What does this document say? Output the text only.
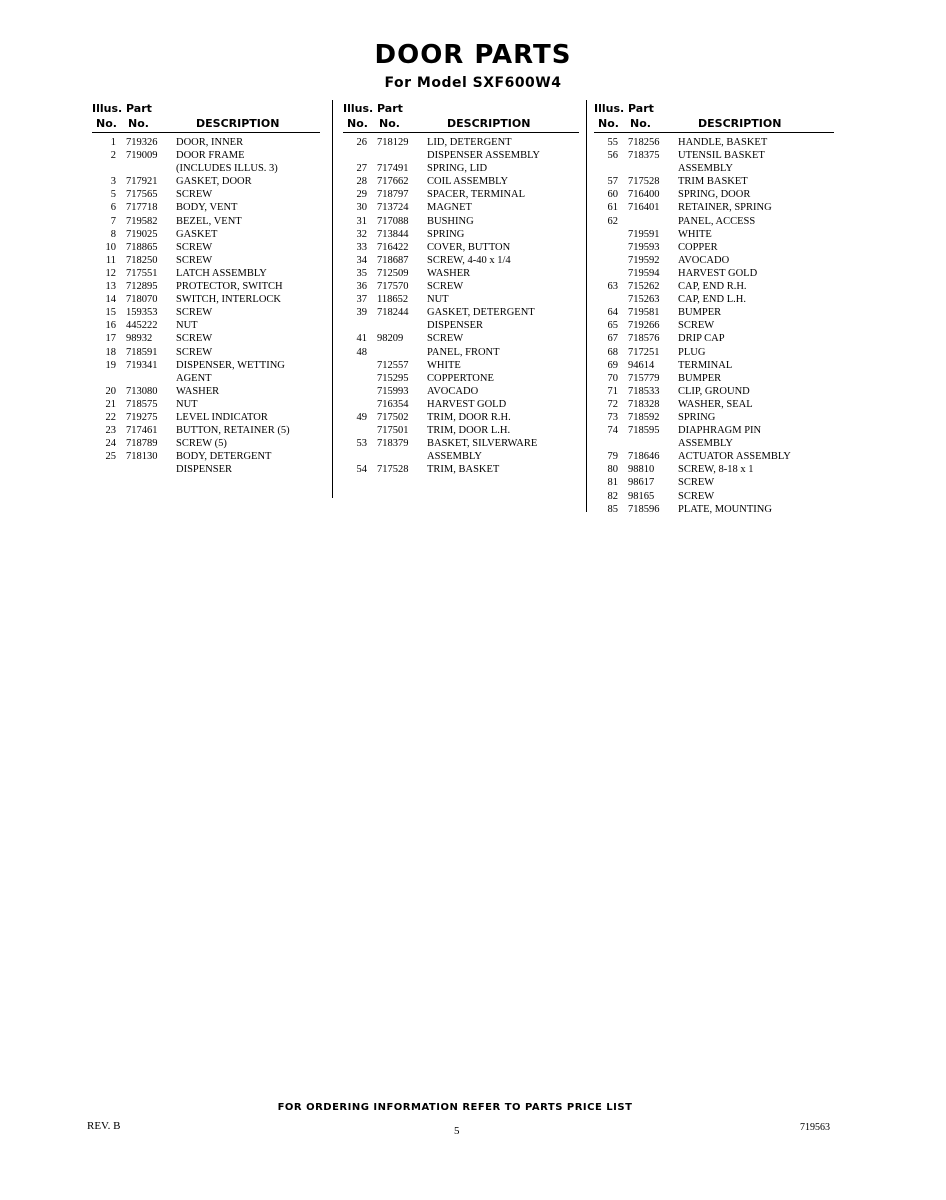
DOOR PARTS
For Model SXF600W4
Illus. Part
No. No.	DESCRIPTION
1 719326 DOOR, INNER
2 719009 DOOR FRAME
(INCLUDES ILLUS. 3)
3 717921 GASKET, DOOR
5 717565 SCREW
6 717718 BODY, VENT
7 719582 BEZEL, VENT
8 719025 GASKET
10 718865 SCREW
11 718250 SCREW
12 717551 LATCH ASSEMBLY
13 712895 PROTECTOR, SWITCH
14 718070 SWITCH, INTERLOCK
15 159353 SCREW
16 445222 NUT
17 98932 SCREW
18 718591 SCREW
19 719341 DISPENSER, WETTING
AGENT
20 713080 WASHER
21 718575 NUT
22 719275 LEVEL INDICATOR
23 717461 BUTTON, RETAINER (5)
24 718789 SCREW (5)
25 718130 BODY, DETERGENT
DISPENSER
Illus. Part
No. No.	DESCRIPTION
26 718129 LID, DETERGENT
DISPENSER ASSEMBLY
27 717491 SPRING, LID
28 717662 COIL ASSEMBLY
29 718797 SPACER, TERMINAL
30 713724 MAGNET
31 717088 BUSHING
32 713844 SPRING
33 716422 COVER, BUTTON
34 718687 SCREW, 4-40 x 1/4
35 712509 WASHER
36 717570 SCREW
37 118652 NUT
39 718244 GASKET, DETERGENT
DISPENSER
41 98209 SCREW
48	PANEL, FRONT
712557 WHITE
715295 COPPERTONE
715993 AVOCADO
716354 HARVEST GOLD
49 717502 TRIM, DOOR R.H.
717501 TRIM, DOOR L.H.
53 718379 BASKET, SILVERWARE
ASSEMBLY
54 717528 TRIM, BASKET
Illus. Part
No. No.	DESCRIPTION
55 718256 HANDLE, BASKET
56 718375 UTENSIL BASKET
ASSEMBLY
57 717528 TRIM BASKET
60 716400 SPRING, DOOR
61 716401 RETAINER, SPRING
62	PANEL, ACCESS
719591 WHITE
719593 COPPER
719592 AVOCADO
719594 HARVEST GOLD
63 715262 CAP, END R.H.
715263 CAP, END L.H.
64 719581 BUMPER
65 719266 SCREW
67 718576 DRIP CAP
68 717251 PLUG
69 94614 TERMINAL
70 715779 BUMPER
71 718533 CLIP, GROUND
72 718328 WASHER, SEAL
73 718592 SPRING
74 718595 DIAPHRAGM PIN
ASSEMBLY
79 718646 ACTUATOR ASSEMBLY
80 98810 SCREW, 8-18 x 1
81 98617 SCREW
82 98165 SCREW
85 718596 PLATE, MOUNTING
FOR ORDERING INFORMATION REFER TO PARTS PRICE LIST
REV. B	5	719563
